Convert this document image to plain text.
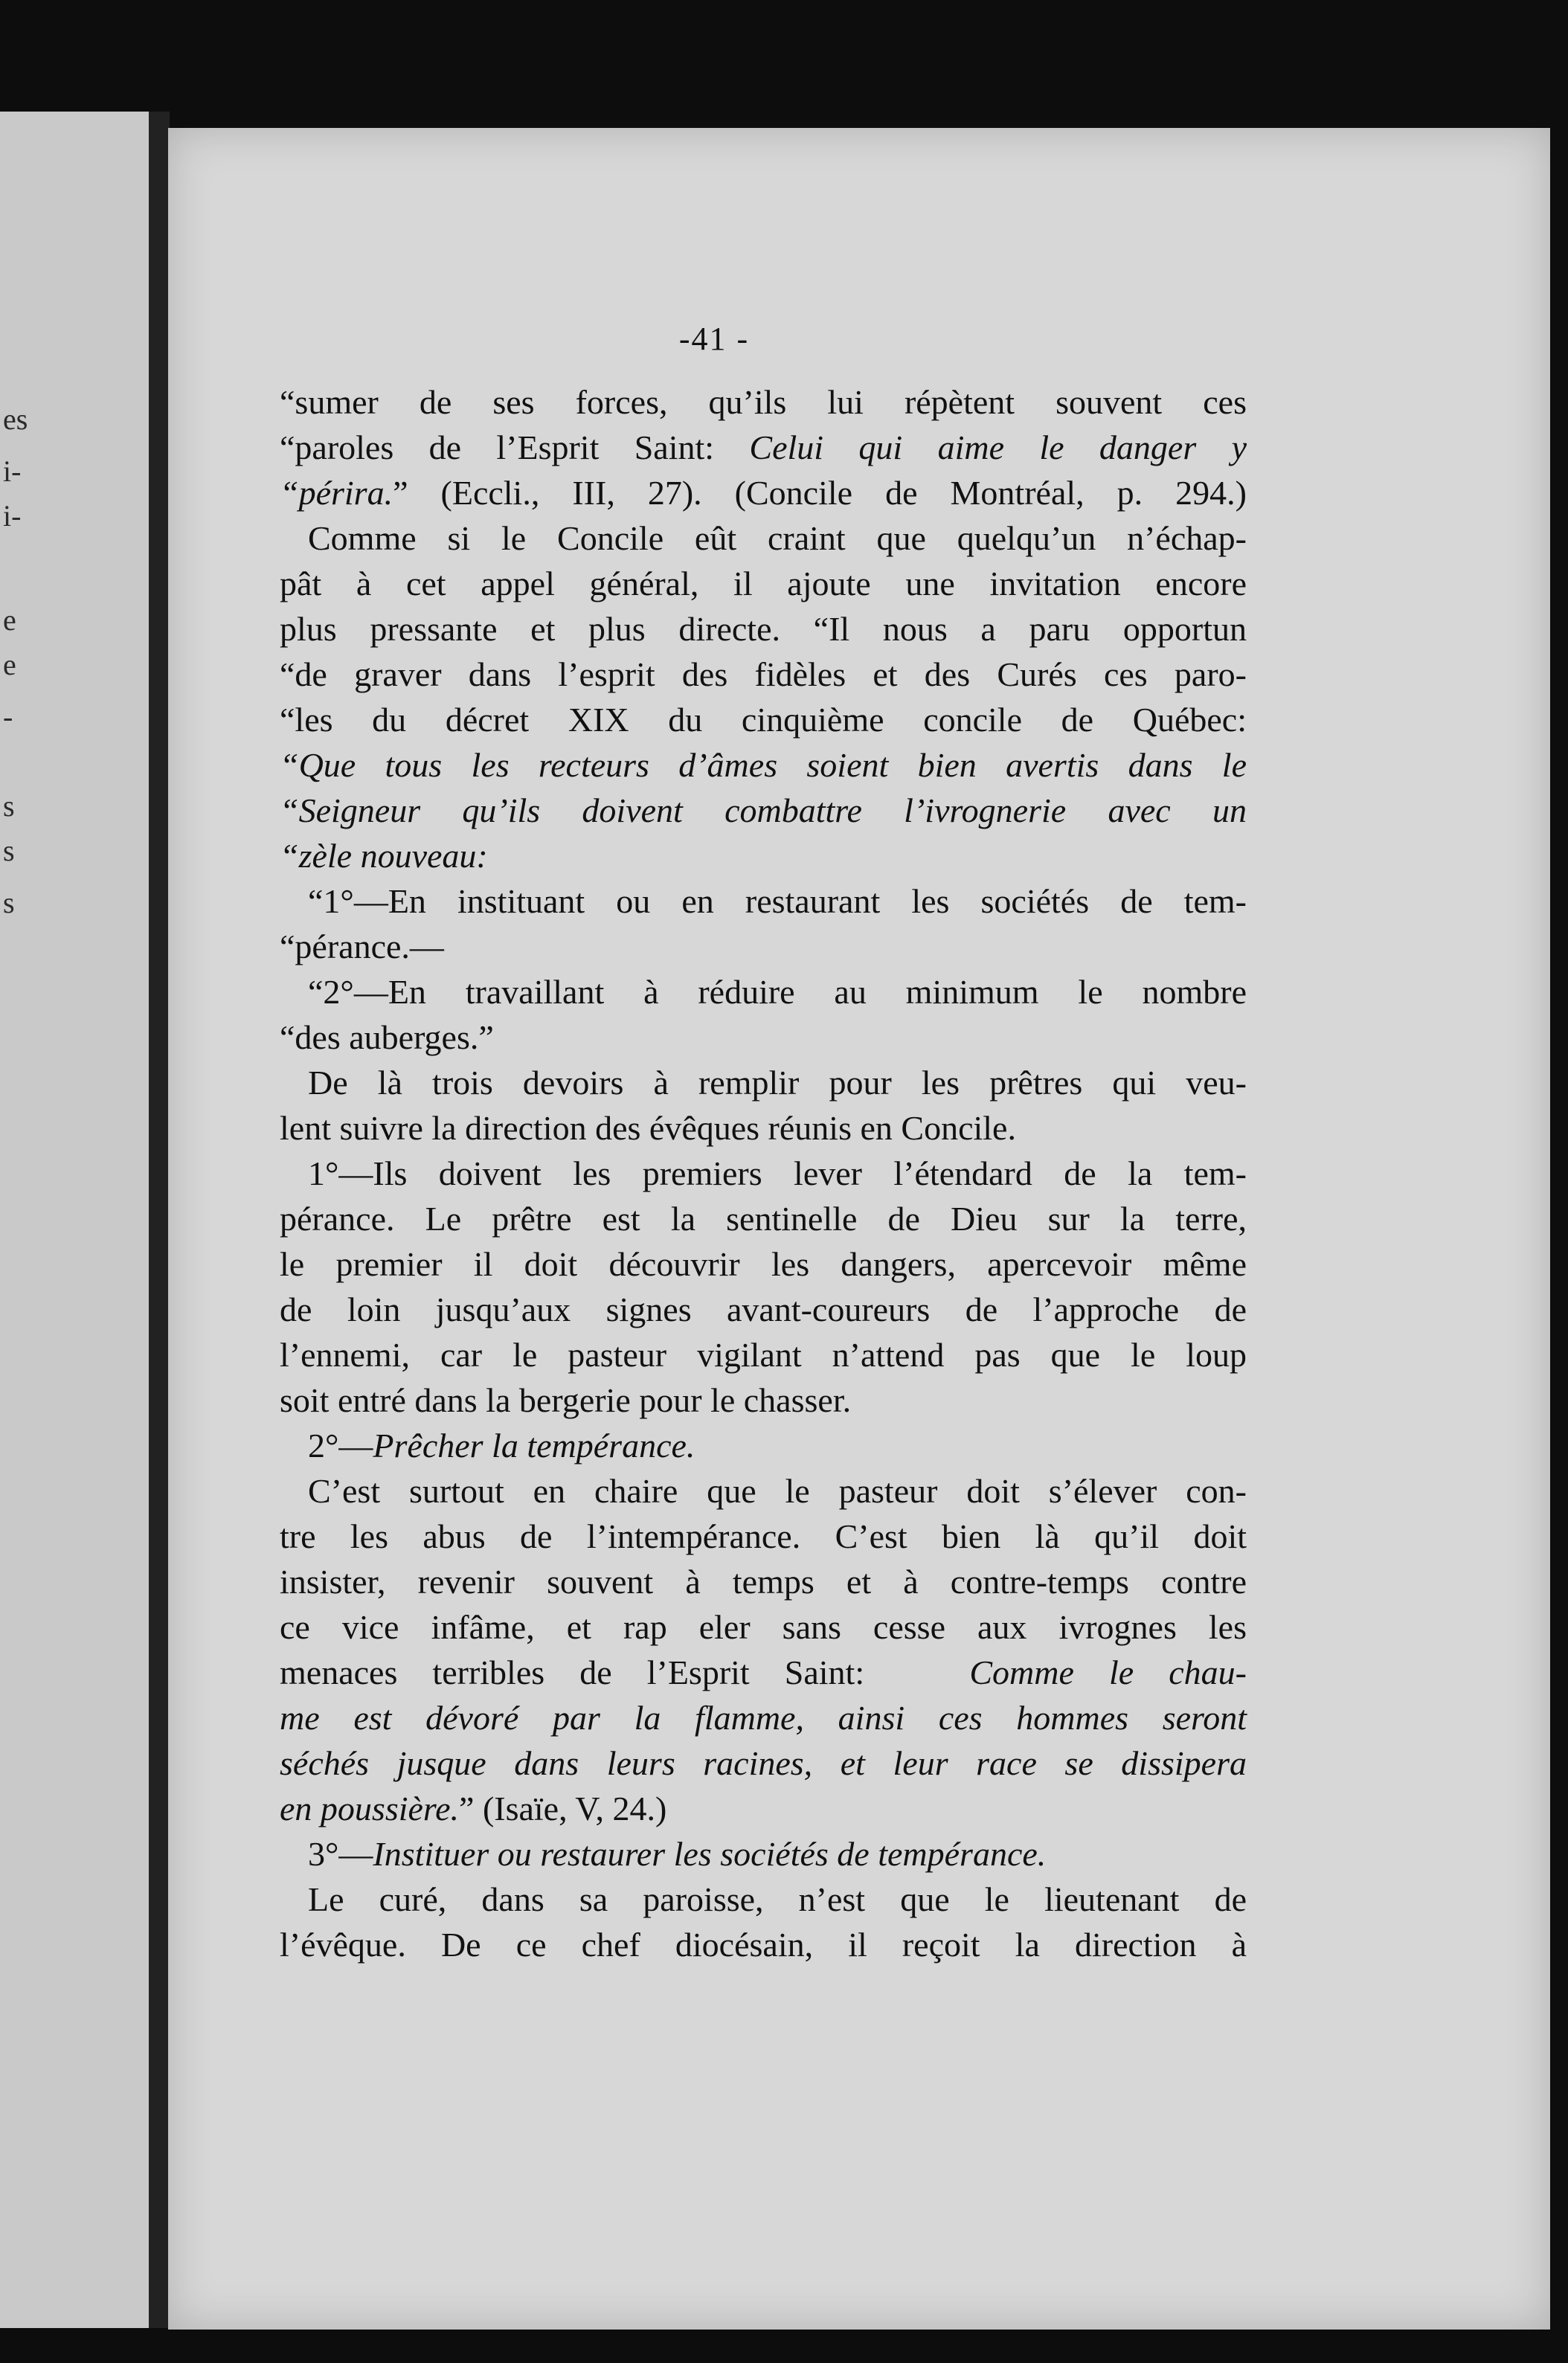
es
i-
i-
e
e
-
s
s
s
-41 -
“sumer de ses forces, qu’ils lui répètent souvent ces
“paroles de l’Esprit Saint: Celui qui aime le danger y
“périra.” (Eccli., III, 27). (Concile de Montréal, p. 294.)
Comme si le Concile eût craint que quelqu’un n’échap-
pât à cet appel général, il ajoute une invitation encore
plus pressante et plus directe. “Il nous a paru opportun
“de graver dans l’esprit des fidèles et des Curés ces paro-
“les du décret XIX du cinquième concile de Québec:
“Que tous les recteurs d’âmes soient bien avertis dans le
“Seigneur qu’ils doivent combattre l’ivrognerie avec un
“zèle nouveau:
“1°—En instituant ou en restaurant les sociétés de tem-
“pérance.—
“2°—En travaillant à réduire au minimum le nombre
“des auberges.”
De là trois devoirs à remplir pour les prêtres qui veu-
lent suivre la direction des évêques réunis en Concile.
1°—Ils doivent les premiers lever l’étendard de la tem-
pérance. Le prêtre est la sentinelle de Dieu sur la terre,
le premier il doit découvrir les dangers, apercevoir même
de loin jusqu’aux signes avant-coureurs de l’approche de
l’ennemi, car le pasteur vigilant n’attend pas que le loup
soit entré dans la bergerie pour le chasser.
2°—Prêcher la tempérance.
C’est surtout en chaire que le pasteur doit s’élever con-
tre les abus de l’intempérance. C’est bien là qu’il doit
insister, revenir souvent à temps et à contre-temps contre
ce vice infâme, et rap eler sans cesse aux ivrognes les
menaces terribles de l’Esprit Saint:   Comme le chau-
me est dévoré par la flamme, ainsi ces hommes seront
séchés jusque dans leurs racines, et leur race se dissipera
en poussière.” (Isaïe, V, 24.)
3°—Instituer ou restaurer les sociétés de tempérance.
Le curé, dans sa paroisse, n’est que le lieutenant de
l’évêque. De ce chef diocésain, il reçoit la direction à
